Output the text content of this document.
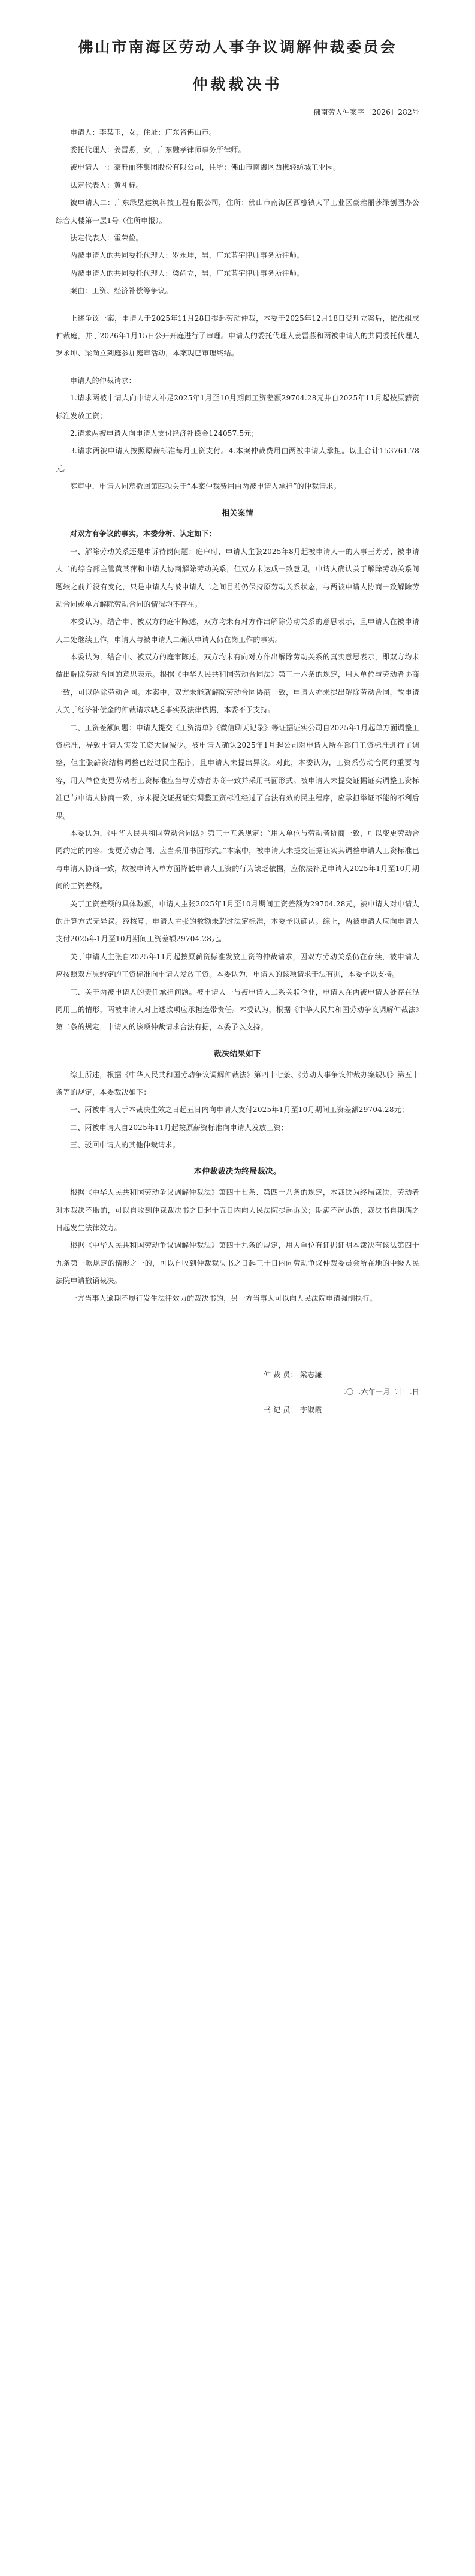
佛山市南海区劳动人事争议调解仲裁委员会
仲裁裁决书
佛南劳人仲案字〔2026〕282号

申请人：李某玉，女，住址：广东省佛山市。

委托代理人：姜雷燕，女，广东融孝律师事务所律师。

被申请人一：豪雅丽莎集团股份有限公司，住所：佛山市南海区西樵轻纺城工业园。

法定代表人：黄礼标。

被申请人二：广东绿垦建筑科技工程有限公司，住所：佛山市南海区西樵镇大平工业区豪雅丽莎绿创园办公综合大楼第一层1号（住所申报）。

法定代表人：霍荣俭。

两被申请人的共同委托代理人：罗永坤，男，广东蓝宇律师事务所律师。

两被申请人的共同委托代理人：梁尚立，男，广东蓝宇律师事务所律师。

案由：工资、经济补偿等争议。

上述争议一案，申请人于2025年11月28日提起劳动仲裁，本委于2025年12月18日受理立案后，依法组成仲裁庭，并于2026年1月15日公开开庭进行了审理。申请人的委托代理人姜雷燕和两被申请人的共同委托代理人罗永坤、梁尚立到庭参加庭审活动，本案现已审理终结。

申请人的仲裁请求：

1.请求两被申请人向申请人补足2025年1月至10月期间工资差额29704.28元并自2025年11月起按原薪资标准发放工资；

2.请求两被申请人向申请人支付经济补偿金124057.5元；

3.请求两被申请人按照原薪标准每月工资支付。4.本案仲裁费用由两被申请人承担。以上合计153761.78元。

庭审中，申请人同意撤回第四项关于“本案仲裁费用由两被申请人承担”的仲裁请求。

相关案情

对双方有争议的事实，本委分析、认定如下：

一、解除劳动关系还是申诉待岗问题：庭审时，申请人主张2025年8月起被申请人一的人事王芳芳、被申请人二的综合部主管黄某萍和申请人协商解除劳动关系，但双方未达成一致意见。申请人确认关于解除劳动关系问题较之前并没有变化，只是申请人与被申请人二之间目前仍保持原劳动关系状态，与两被申请人协商一致解除劳动合同或单方解除劳动合同的情况均不存在。

本委认为，结合申、被双方的庭审陈述，双方均未有对方作出解除劳动关系的意思表示，且申请人在被申请人二处继续工作，申请人与被申请人二确认申请人仍在岗工作的事实。

本委认为，结合申、被双方的庭审陈述，双方均未有向对方作出解除劳动关系的真实意思表示，即双方均未做出解除劳动合同的意思表示。根据《中华人民共和国劳动合同法》第三十六条的规定，用人单位与劳动者协商一致，可以解除劳动合同。本案中，双方未能就解除劳动合同协商一致，申请人亦未提出解除劳动合同，故申请人关于经济补偿金的仲裁请求缺乏事实及法律依据，本委不予支持。

二、工资差额问题：申请人提交《工资清单》《微信聊天记录》等证据证实公司自2025年1月起单方面调整工资标准，导致申请人实发工资大幅减少。被申请人确认2025年1月起公司对申请人所在部门工资标准进行了调整，但主张薪资结构调整已经过民主程序，且申请人未提出异议。对此，本委认为，工资系劳动合同的重要内容，用人单位变更劳动者工资标准应当与劳动者协商一致并采用书面形式。被申请人未提交证据证实调整工资标准已与申请人协商一致，亦未提交证据证实调整工资标准经过了合法有效的民主程序，应承担举证不能的不利后果。

本委认为，《中华人民共和国劳动合同法》第三十五条规定：“用人单位与劳动者协商一致，可以变更劳动合同约定的内容。变更劳动合同，应当采用书面形式。”本案中，被申请人未提交证据证实其调整申请人工资标准已与申请人协商一致，故被申请人单方面降低申请人工资的行为缺乏依据，应依法补足申请人2025年1月至10月期间的工资差额。

关于工资差额的具体数额，申请人主张2025年1月至10月期间工资差额为29704.28元，被申请人对申请人的计算方式无异议。经核算，申请人主张的数额未超过法定标准，本委予以确认。综上，两被申请人应向申请人支付2025年1月至10月期间工资差额29704.28元。

关于申请人主张自2025年11月起按原薪资标准发放工资的仲裁请求，因双方劳动关系仍在存续，被申请人应按照双方原约定的工资标准向申请人发放工资。本委认为，申请人的该项请求于法有据，本委予以支持。

三、关于两被申请人的责任承担问题。被申请人一与被申请人二系关联企业，申请人在两被申请人处存在混同用工的情形，两被申请人对上述款项应承担连带责任。本委认为，根据《中华人民共和国劳动争议调解仲裁法》第二条的规定，申请人的该项仲裁请求合法有据，本委予以支持。

裁决结果如下

综上所述，根据《中华人民共和国劳动争议调解仲裁法》第四十七条、《劳动人事争议仲裁办案规则》第五十条等的规定，本委裁决如下：

一、两被申请人于本裁决生效之日起五日内向申请人支付2025年1月至10月期间工资差额29704.28元；

二、两被申请人自2025年11月起按原薪资标准向申请人发放工资；

三、驳回申请人的其他仲裁请求。

本仲裁裁决为终局裁决。

根据《中华人民共和国劳动争议调解仲裁法》第四十七条、第四十八条的规定，本裁决为终局裁决，劳动者对本裁决不服的，可以自收到仲裁裁决书之日起十五日内向人民法院提起诉讼；期满不起诉的，裁决书自期满之日起发生法律效力。

根据《中华人民共和国劳动争议调解仲裁法》第四十九条的规定，用人单位有证据证明本裁决有该法第四十九条第一款规定的情形之一的，可以自收到仲裁裁决书之日起三十日内向劳动争议仲裁委员会所在地的中级人民法院申请撤销裁决。

一方当事人逾期不履行发生法律效力的裁决书的，另一方当事人可以向人民法院申请强制执行。

仲 裁 员： 梁志濂
二〇二六年一月二十二日
书 记 员： 李淑霞
